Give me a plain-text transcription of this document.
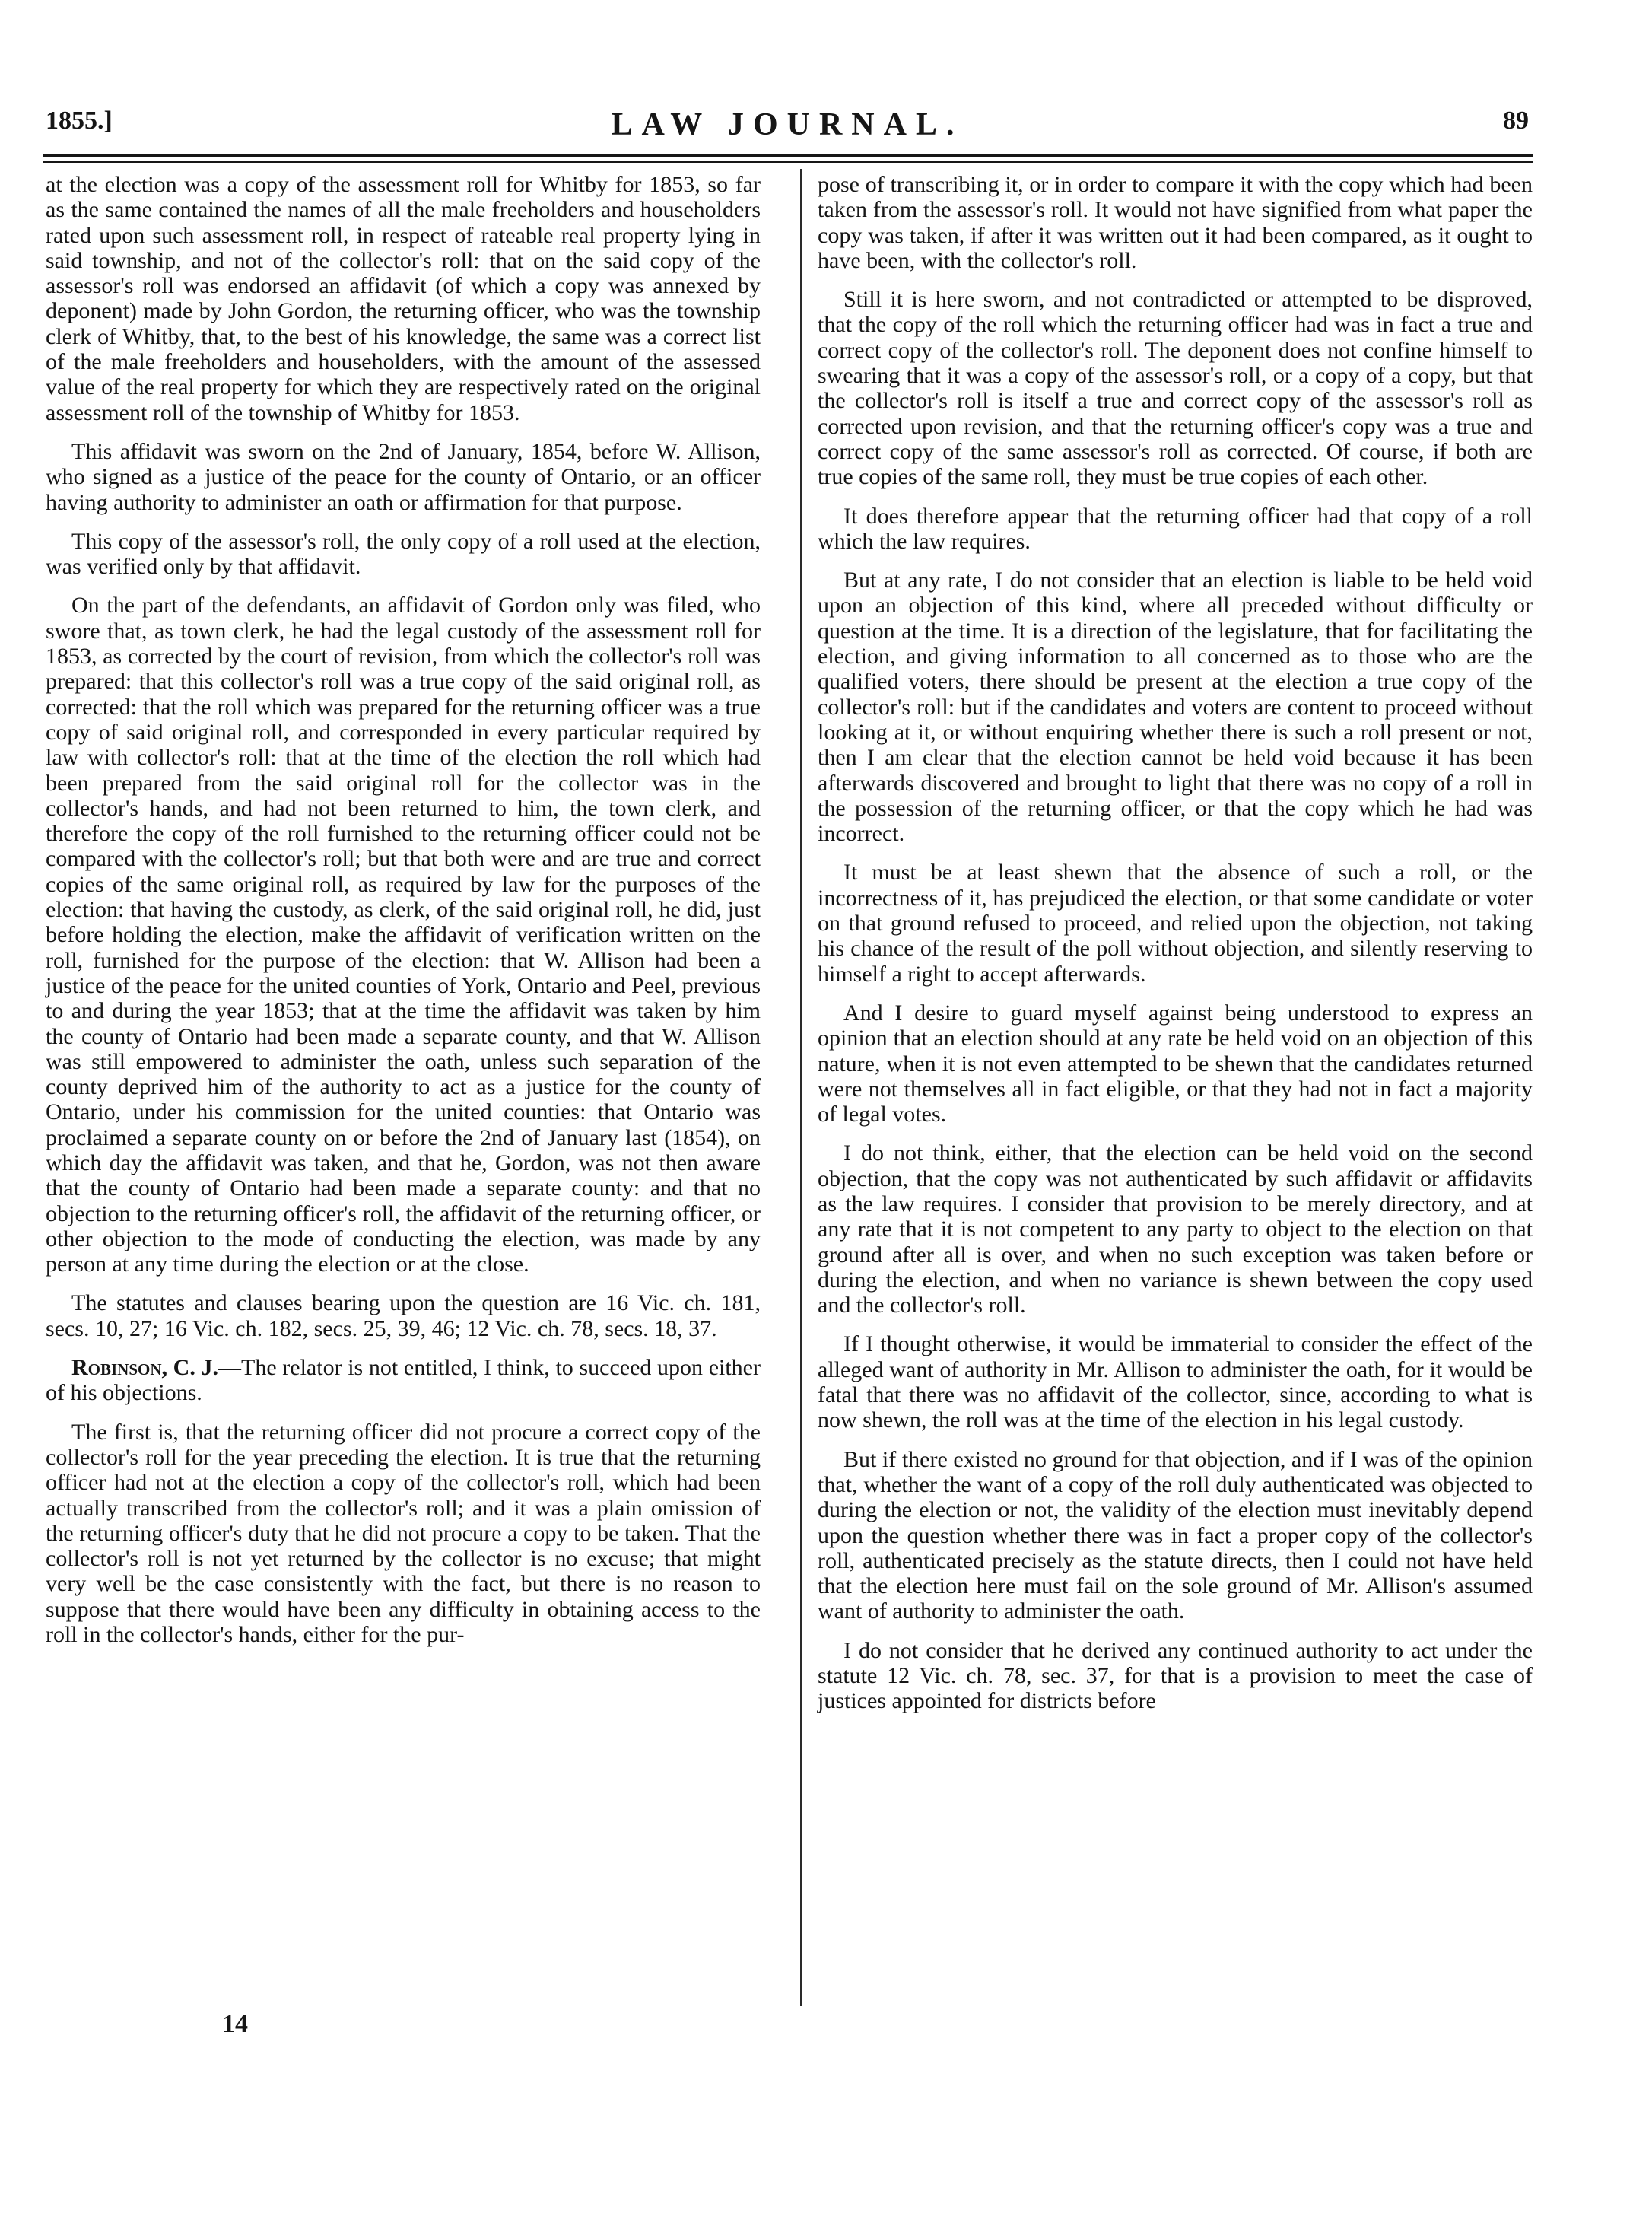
1855.]	LAW JOURNAL.	89

at the election was a copy of the assessment roll for Whitby for 1853, so far as the same contained the names of all the male freeholders and householders rated upon such assessment roll, in respect of rateable real property lying in said township, and not of the collector's roll: that on the said copy of the assessor's roll was endorsed an affidavit (of which a copy was annexed by deponent) made by John Gordon, the returning officer, who was the township clerk of Whitby, that, to the best of his knowledge, the same was a correct list of the male freeholders and householders, with the amount of the assessed value of the real property for which they are respectively rated on the original assessment roll of the township of Whitby for 1853.

This affidavit was sworn on the 2nd of January, 1854, before W. Allison, who signed as a justice of the peace for the county of Ontario, or an officer having authority to administer an oath or affirmation for that purpose.

This copy of the assessor's roll, the only copy of a roll used at the election, was verified only by that affidavit.

On the part of the defendants, an affidavit of Gordon only was filed, who swore that, as town clerk, he had the legal custody of the assessment roll for 1853, as corrected by the court of revision, from which the collector's roll was prepared: that this collector's roll was a true copy of the said original roll, as corrected: that the roll which was prepared for the returning officer was a true copy of said original roll, and corresponded in every particular required by law with collector's roll: that at the time of the election the roll which had been prepared from the said original roll for the collector was in the collector's hands, and had not been returned to him, the town clerk, and therefore the copy of the roll furnished to the returning officer could not be compared with the collector's roll; but that both were and are true and correct copies of the same original roll, as required by law for the purposes of the election: that having the custody, as clerk, of the said original roll, he did, just before holding the election, make the affidavit of verification written on the roll, furnished for the purpose of the election: that W. Allison had been a justice of the peace for the united counties of York, Ontario and Peel, previous to and during the year 1853; that at the time the affidavit was taken by him the county of Ontario had been made a separate county, and that W. Allison was still empowered to administer the oath, unless such separation of the county deprived him of the authority to act as a justice for the county of Ontario, under his commission for the united counties: that Ontario was proclaimed a separate county on or before the 2nd of January last (1854), on which day the affidavit was taken, and that he, Gordon, was not then aware that the county of Ontario had been made a separate county: and that no objection to the returning officer's roll, the affidavit of the returning officer, or other objection to the mode of conducting the election, was made by any person at any time during the election or at the close.

The statutes and clauses bearing upon the question are 16 Vic. ch. 181, secs. 10, 27; 16 Vic. ch. 182, secs. 25, 39, 46; 12 Vic. ch. 78, secs. 18, 37.

Robinson, C. J.—The relator is not entitled, I think, to succeed upon either of his objections.

The first is, that the returning officer did not procure a correct copy of the collector's roll for the year preceding the election. It is true that the returning officer had not at the election a copy of the collector's roll, which had been actually transcribed from the collector's roll; and it was a plain omission of the returning officer's duty that he did not procure a copy to be taken. That the collector's roll is not yet returned by the collector is no excuse; that might very well be the case consistently with the fact, but there is no reason to suppose that there would have been any difficulty in obtaining access to the roll in the collector's hands, either for the pur-

pose of transcribing it, or in order to compare it with the copy which had been taken from the assessor's roll. It would not have signified from what paper the copy was taken, if after it was written out it had been compared, as it ought to have been, with the collector's roll.

Still it is here sworn, and not contradicted or attempted to be disproved, that the copy of the roll which the returning officer had was in fact a true and correct copy of the collector's roll. The deponent does not confine himself to swearing that it was a copy of the assessor's roll, or a copy of a copy, but that the collector's roll is itself a true and correct copy of the assessor's roll as corrected upon revision, and that the returning officer's copy was a true and correct copy of the same assessor's roll as corrected. Of course, if both are true copies of the same roll, they must be true copies of each other.

It does therefore appear that the returning officer had that copy of a roll which the law requires.

But at any rate, I do not consider that an election is liable to be held void upon an objection of this kind, where all preceded without difficulty or question at the time. It is a direction of the legislature, that for facilitating the election, and giving information to all concerned as to those who are the qualified voters, there should be present at the election a true copy of the collector's roll: but if the candidates and voters are content to proceed without looking at it, or without enquiring whether there is such a roll present or not, then I am clear that the election cannot be held void because it has been afterwards discovered and brought to light that there was no copy of a roll in the possession of the returning officer, or that the copy which he had was incorrect.

It must be at least shewn that the absence of such a roll, or the incorrectness of it, has prejudiced the election, or that some candidate or voter on that ground refused to proceed, and relied upon the objection, not taking his chance of the result of the poll without objection, and silently reserving to himself a right to accept afterwards.

And I desire to guard myself against being understood to express an opinion that an election should at any rate be held void on an objection of this nature, when it is not even attempted to be shewn that the candidates returned were not themselves all in fact eligible, or that they had not in fact a majority of legal votes.

I do not think, either, that the election can be held void on the second objection, that the copy was not authenticated by such affidavit or affidavits as the law requires. I consider that provision to be merely directory, and at any rate that it is not competent to any party to object to the election on that ground after all is over, and when no such exception was taken before or during the election, and when no variance is shewn between the copy used and the collector's roll.

If I thought otherwise, it would be immaterial to consider the effect of the alleged want of authority in Mr. Allison to administer the oath, for it would be fatal that there was no affidavit of the collector, since, according to what is now shewn, the roll was at the time of the election in his legal custody.

But if there existed no ground for that objection, and if I was of the opinion that, whether the want of a copy of the roll duly authenticated was objected to during the election or not, the validity of the election must inevitably depend upon the question whether there was in fact a proper copy of the collector's roll, authenticated precisely as the statute directs, then I could not have held that the election here must fail on the sole ground of Mr. Allison's assumed want of authority to administer the oath.

I do not consider that he derived any continued authority to act under the statute 12 Vic. ch. 78, sec. 37, for that is a provision to meet the case of justices appointed for districts before

14
